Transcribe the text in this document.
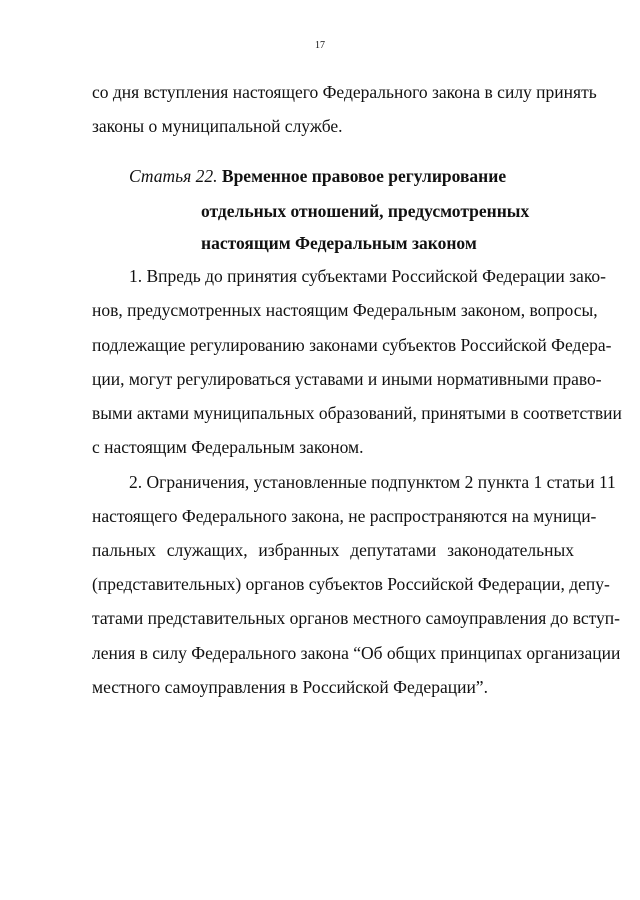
17
со дня вступления настоящего Федерального закона в силу принять
законы о муниципальной службе.
Статья 22. Временное правовое регулирование
отдельных отношений, предусмотренных
настоящим Федеральным законом
1. Впредь до принятия субъектами Российской Федерации зако-
нов, предусмотренных настоящим Федеральным законом, вопросы,
подлежащие регулированию законами субъектов Российской Федера-
ции, могут регулироваться уставами и иными нормативными право-
выми актами муниципальных образований, принятыми в соответствии
с настоящим Федеральным законом.
2. Ограничения, установленные подпунктом 2 пункта 1 статьи 11
настоящего Федерального закона, не распространяются на муници-
пальных служащих, избранных депутатами законодательных
(представительных) органов субъектов Российской Федерации, депу-
татами представительных органов местного самоуправления до вступ-
ления в силу Федерального закона “Об общих принципах организации
местного самоуправления в Российской Федерации”.
